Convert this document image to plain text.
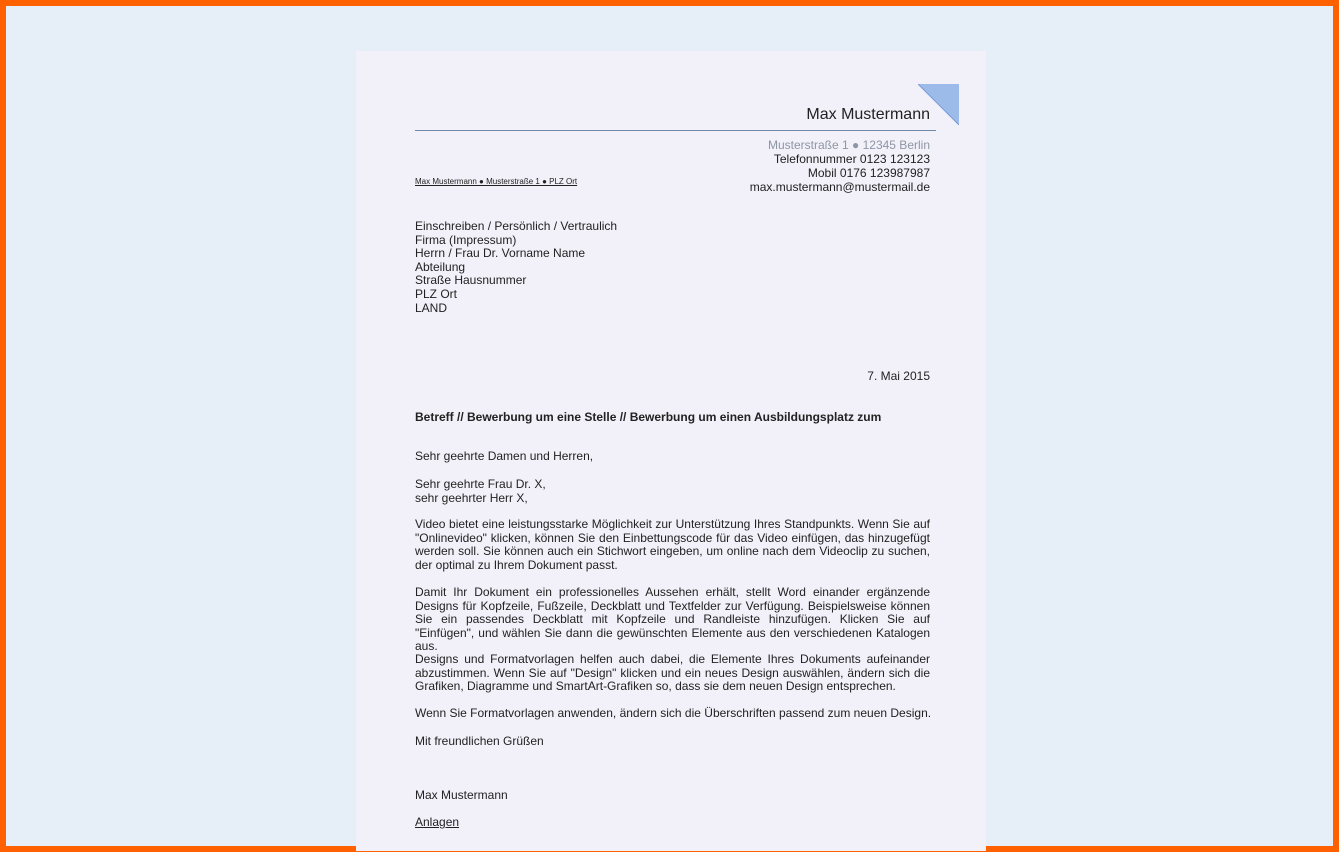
Max Mustermann
Musterstraße 1 ● 12345 Berlin
Telefonnummer 0123 123123
Mobil 0176 123987987
max.mustermann@mustermail.de
Max Mustermann ● Musterstraße 1 ● PLZ Ort
Einschreiben / Persönlich / Vertraulich
Firma (Impressum)
Herrn / Frau Dr. Vorname Name
Abteilung
Straße Hausnummer
PLZ Ort
LAND
7. Mai 2015
Betreff // Bewerbung um eine Stelle // Bewerbung um einen Ausbildungsplatz zum
Sehr geehrte Damen und Herren,
Sehr geehrte Frau Dr. X,
sehr geehrter Herr X,
Video bietet eine leistungsstarke Möglichkeit zur Unterstützung Ihres Standpunkts. Wenn Sie auf "Onlinevideo" klicken, können Sie den Einbettungscode für das Video einfügen, das hinzugefügt werden soll. Sie können auch ein Stichwort eingeben, um online nach dem Videoclip zu suchen, der optimal zu Ihrem Dokument passt.
Damit Ihr Dokument ein professionelles Aussehen erhält, stellt Word einander ergänzende Designs für Kopfzeile, Fußzeile, Deckblatt und Textfelder zur Verfügung. Beispielsweise können Sie ein passendes Deckblatt mit Kopfzeile und Randleiste hinzufügen. Klicken Sie auf "Einfügen", und wählen Sie dann die gewünschten Elemente aus den verschiedenen Katalogen aus.
Designs und Formatvorlagen helfen auch dabei, die Elemente Ihres Dokuments aufeinander abzustimmen. Wenn Sie auf "Design" klicken und ein neues Design auswählen, ändern sich die Grafiken, Diagramme und SmartArt-Grafiken so, dass sie dem neuen Design entsprechen.
Wenn Sie Formatvorlagen anwenden, ändern sich die Überschriften passend zum neuen Design.
Mit freundlichen Grüßen
Max Mustermann
Anlagen
